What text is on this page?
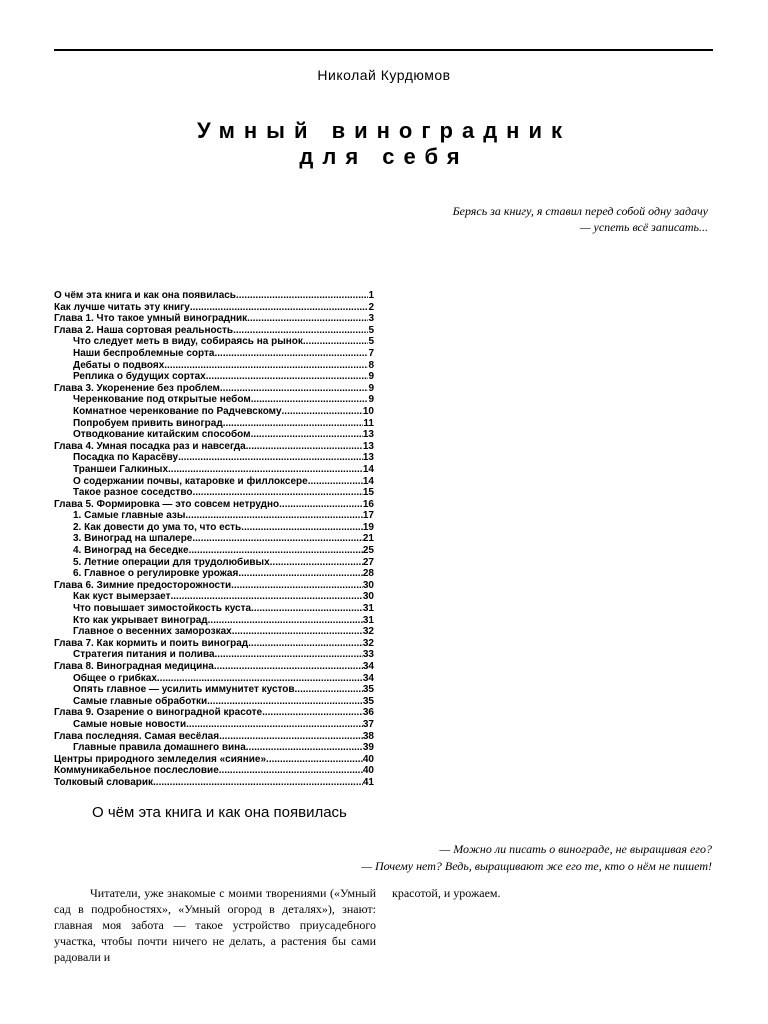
Николай Курдюмов
Умный виноградник
для себя
Берясь за книгу, я ставил перед собой одну задачу
— успеть всё записать...
О чём эта книга и как она появилась .....	1
Как лучше читать эту книгу .....	2
Глава 1. Что такое умный виноградник .....	3
Глава 2. Наша сортовая реальность .....	5
Что следует меть в виду, собираясь на рынок .....	5
Наши беспроблемные сорта .....	7
Дебаты о подвоях .....	8
Реплика о будущих сортах .....	9
Глава 3. Укоренение без проблем .....	9
Черенкование под открытые небом .....	9
Комнатное черенкование по Радчевскому .....	10
Попробуем привить виноград .....	11
Отводкование китайским способом .....	13
Глава 4. Умная посадка раз и навсегда .....	13
Посадка по Карасёву .....	13
Траншеи Галкиных .....	14
О содержании почвы, катаровке и филлоксере .....	14
Такое разное соседство .....	15
Глава 5. Формировка — это совсем нетрудно .....	16
1. Самые главные азы .....	17
2. Как довести до ума то, что есть .....	19
3. Виноград на шпалере .....	21
4. Виноград на беседке .....	25
5. Летние операции для трудолюбивых .....	27
6. Главное о регулировке урожая .....	28
Глава 6. Зимние предосторожности .....	30
Как куст вымерзает .....	30
Что повышает зимостойкость куста .....	31
Кто как укрывает виноград .....	31
Главное о весенних заморозках .....	32
Глава 7. Как кормить и поить виноград .....	32
Стратегия питания и полива .....	33
Глава 8. Виноградная медицина .....	34
Общее о грибках .....	34
Опять главное — усилить иммунитет кустов .....	35
Самые главные обработки .....	35
Глава 9. Озарение о виноградной красоте .....	36
Самые новые новости .....	37
Глава последняя. Самая весёлая .....	38
Главные правила домашнего вина .....	39
Центры природного земледелия «сияние» .....	40
Коммуникабельное послесловие .....	40
Толковый словарик .....	41
О чём эта книга и как она появилась
— Можно ли писать о винограде, не выращивая его?
— Почему нет? Ведь, выращивают же его те, кто о нём не пишет!
Читатели, уже знакомые с моими творениями («Умный сад в подробностях», «Умный огород в деталях»), знают: главная моя забота — такое устройство приусадебного участка, чтобы почти ничего не делать, а растения бы сами радовали и
красотой, и урожаем.
